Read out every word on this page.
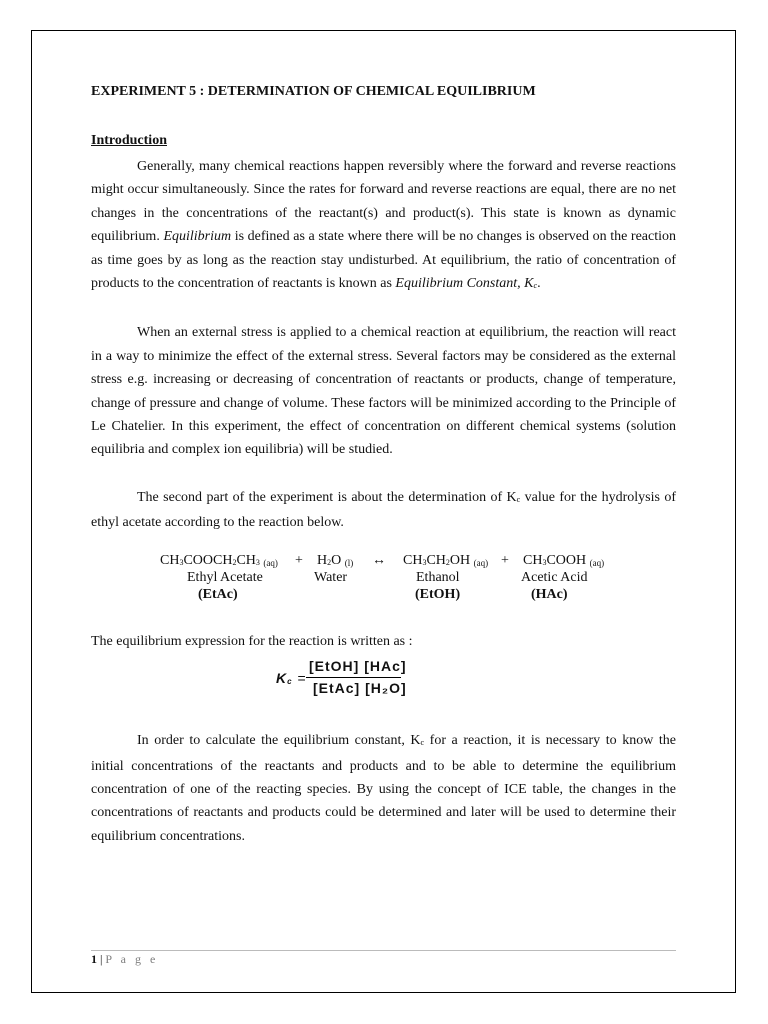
EXPERIMENT 5 : DETERMINATION OF CHEMICAL EQUILIBRIUM
Introduction

Generally, many chemical reactions happen reversibly where the forward and reverse reactions might occur simultaneously. Since the rates for forward and reverse reactions are equal, there are no net changes in the concentrations of the reactant(s) and product(s). This state is known as dynamic equilibrium. Equilibrium is defined as a state where there will be no changes is observed on the reaction as time goes by as long as the reaction stay undisturbed. At equilibrium, the ratio of concentration of products to the concentration of reactants is known as Equilibrium Constant, $K_c$.

When an external stress is applied to a chemical reaction at equilibrium, the reaction will react in a way to minimize the effect of the external stress. Several factors may be considered as the external stress e.g. increasing or decreasing of concentration of reactants or products, change of temperature, change of pressure and change of volume. These factors will be minimized according to the Principle of Le Chatelier. In this experiment, the effect of concentration on different chemical systems (solution equilibria and complex ion equilibria) will be studied.

The second part of the experiment is about the determination of $K_c$ value for the hydrolysis of ethyl acetate according to the reaction below.

$CH_3COOCH_2CH_3$ $_{(aq)} + H_2O$ $_{(l)}$ ↔ $CH_3CH_2OH$ $_{(aq)} + CH_3COOH$ $_{(aq)}$
Ethyl Acetate	Water	Ethanol	Acetic Acid
(EtAc)	(EtOH)	(HAc)

The equilibrium expression for the reaction is written as :

$K_c$ =
[EtOH] [HAc]
[EtAc] [H₂O]

In order to calculate the equilibrium constant, $K_c$ for a reaction, it is necessary to know the initial concentrations of the reactants and products and to be able to determine the equilibrium concentration of one of the reacting species. By using the concept of ICE table, the changes in the concentrations of reactants and products could be determined and later will be used to determine their equilibrium concentrations.

1 | P a g e
